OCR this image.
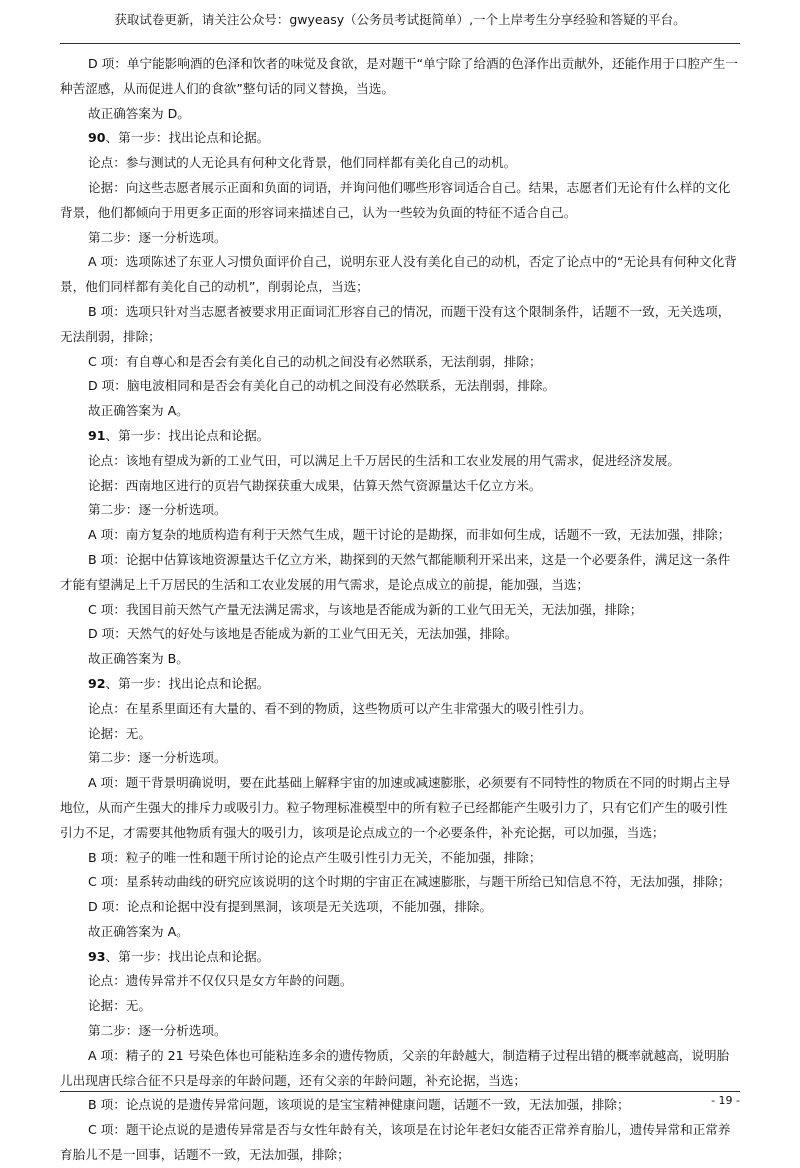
获取试卷更新，请关注公众号：gwyeasy（公务员考试挺简单）,一个上岸考生分享经验和答疑的平台。
D 项：单宁能影响酒的色泽和饮者的味觉及食欲，是对题干“单宁除了给酒的色泽作出贡献外，还能作用于口腔产生一种苦涩感，从而促进人们的食欲”整句话的同义替换，当选。
故正确答案为 D。
90、第一步：找出论点和论据。
论点：参与测试的人无论具有何种文化背景，他们同样都有美化自己的动机。
论据：向这些志愿者展示正面和负面的词语，并询问他们哪些形容词适合自己。结果，志愿者们无论有什么样的文化背景，他们都倾向于用更多正面的形容词来描述自己，认为一些较为负面的特征不适合自己。
第二步：逐一分析选项。
A 项：选项陈述了东亚人习惯负面评价自己，说明东亚人没有美化自己的动机，否定了论点中的“无论具有何种文化背景，他们同样都有美化自己的动机”，削弱论点，当选；
B 项：选项只针对当志愿者被要求用正面词汇形容自己的情况，而题干没有这个限制条件，话题不一致，无关选项，无法削弱，排除；
C 项：有自尊心和是否会有美化自己的动机之间没有必然联系，无法削弱，排除；
D 项：脑电波相同和是否会有美化自己的动机之间没有必然联系，无法削弱，排除。
故正确答案为 A。
91、第一步：找出论点和论据。
论点：该地有望成为新的工业气田，可以满足上千万居民的生活和工农业发展的用气需求，促进经济发展。
论据：西南地区进行的页岩气勘探获重大成果，估算天然气资源量达千亿立方米。
第二步：逐一分析选项。
A 项：南方复杂的地质构造有利于天然气生成，题干讨论的是勘探，而非如何生成，话题不一致，无法加强，排除；
B 项：论据中估算该地资源量达千亿立方米，勘探到的天然气都能顺利开采出来，这是一个必要条件，满足这一条件才能有望满足上千万居民的生活和工农业发展的用气需求，是论点成立的前提，能加强，当选；
C 项：我国目前天然气产量无法满足需求，与该地是否能成为新的工业气田无关，无法加强，排除；
D 项：天然气的好处与该地是否能成为新的工业气田无关，无法加强，排除。
故正确答案为 B。
92、第一步：找出论点和论据。
论点：在星系里面还有大量的、看不到的物质，这些物质可以产生非常强大的吸引性引力。
论据：无。
第二步：逐一分析选项。
A 项：题干背景明确说明，要在此基础上解释宇宙的加速或减速膨胀，必须要有不同特性的物质在不同的时期占主导地位，从而产生强大的排斥力或吸引力。粒子物理标准模型中的所有粒子已经都能产生吸引力了，只有它们产生的吸引性引力不足，才需要其他物质有强大的吸引力，该项是论点成立的一个必要条件，补充论据，可以加强，当选；
B 项：粒子的唯一性和题干所讨论的论点产生吸引性引力无关，不能加强，排除；
C 项：星系转动曲线的研究应该说明的这个时期的宇宙正在减速膨胀，与题干所给已知信息不符，无法加强，排除；
D 项：论点和论据中没有提到黑洞，该项是无关选项，不能加强，排除。
故正确答案为 A。
93、第一步：找出论点和论据。
论点：遗传异常并不仅仅只是女方年龄的问题。
论据：无。
第二步：逐一分析选项。
A 项：精子的 21 号染色体也可能粘连多余的遗传物质，父亲的年龄越大，制造精子过程出错的概率就越高，说明胎儿出现唐氏综合征不只是母亲的年龄问题，还有父亲的年龄问题，补充论据，当选；
B 项：论点说的是遗传异常问题，该项说的是宝宝精神健康问题，话题不一致，无法加强，排除；
C 项：题干论点说的是遗传异常是否与女性年龄有关，该项是在讨论年老妇女能否正常养育胎儿，遗传异常和正常养育胎儿不是一回事，话题不一致，无法加强，排除；
- 19 -
